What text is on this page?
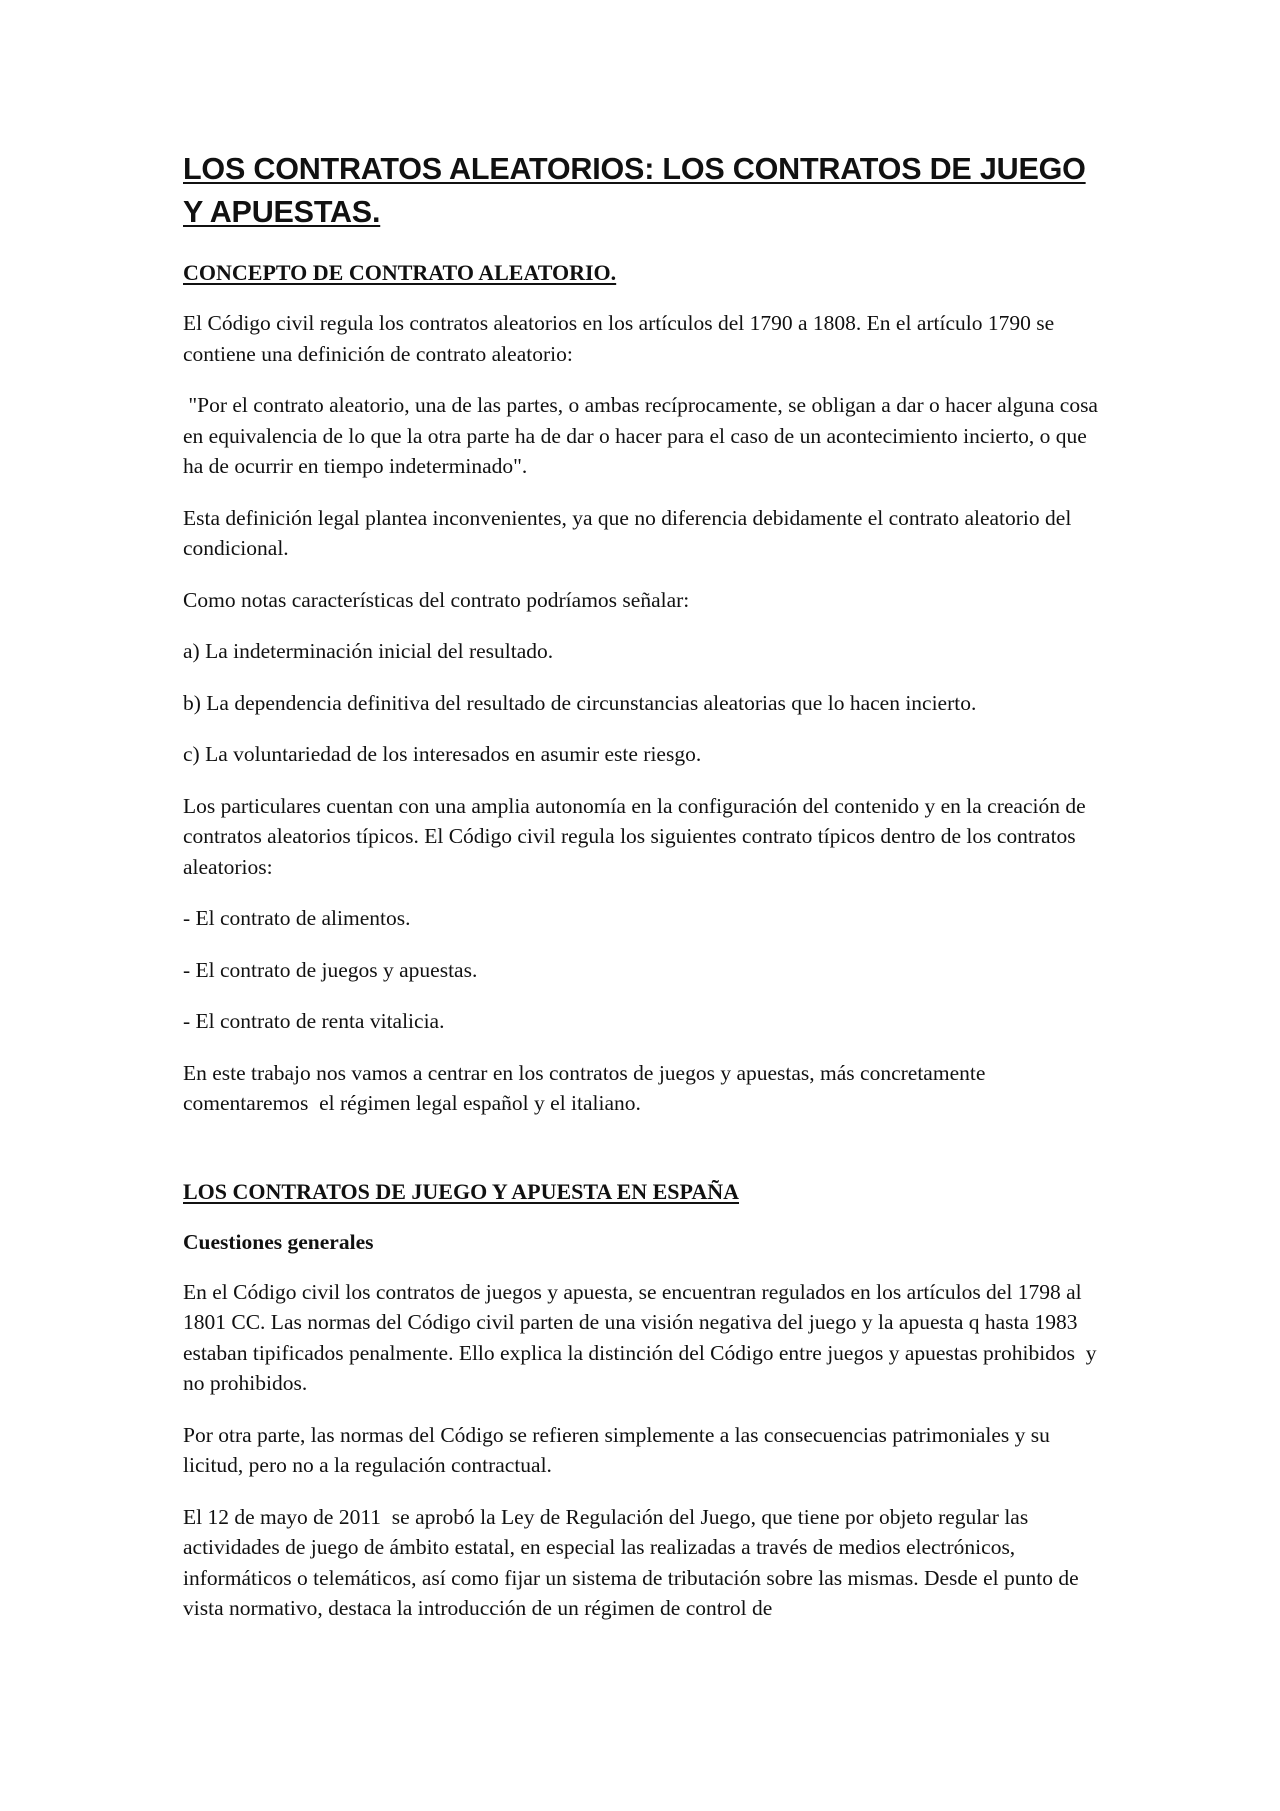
LOS CONTRATOS ALEATORIOS: LOS CONTRATOS DE JUEGO Y APUESTAS.
CONCEPTO DE CONTRATO ALEATORIO.

El Código civil regula los contratos aleatorios en los artículos del 1790 a 1808. En el artículo 1790 se contiene una definición de contrato aleatorio:

"Por el contrato aleatorio, una de las partes, o ambas recíprocamente, se obligan a dar o hacer alguna cosa en equivalencia de lo que la otra parte ha de dar o hacer para el caso de un acontecimiento incierto, o que ha de ocurrir en tiempo indeterminado".

Esta definición legal plantea inconvenientes, ya que no diferencia debidamente el contrato aleatorio del condicional.

Como notas características del contrato podríamos señalar:

a) La indeterminación inicial del resultado.

b) La dependencia definitiva del resultado de circunstancias aleatorias que lo hacen incierto.

c) La voluntariedad de los interesados en asumir este riesgo.

Los particulares cuentan con una amplia autonomía en la configuración del contenido y en la creación de contratos aleatorios típicos. El Código civil regula los siguientes contrato típicos dentro de los contratos aleatorios:

- El contrato de alimentos.

- El contrato de juegos y apuestas.

- El contrato de renta vitalicia.

En este trabajo nos vamos a centrar en los contratos de juegos y apuestas, más concretamente comentaremos  el régimen legal español y el italiano.

LOS CONTRATOS DE JUEGO Y APUESTA EN ESPAÑA
Cuestiones generales

En el Código civil los contratos de juegos y apuesta, se encuentran regulados en los artículos del 1798 al 1801 CC. Las normas del Código civil parten de una visión negativa del juego y la apuesta q hasta 1983 estaban tipificados penalmente. Ello explica la distinción del Código entre juegos y apuestas prohibidos  y no prohibidos.

Por otra parte, las normas del Código se refieren simplemente a las consecuencias patrimoniales y su licitud, pero no a la regulación contractual.

El 12 de mayo de 2011  se aprobó la Ley de Regulación del Juego, que tiene por objeto regular las actividades de juego de ámbito estatal, en especial las realizadas a través de medios electrónicos, informáticos o telemáticos, así como fijar un sistema de tributación sobre las mismas. Desde el punto de vista normativo, destaca la introducción de un régimen de control de
